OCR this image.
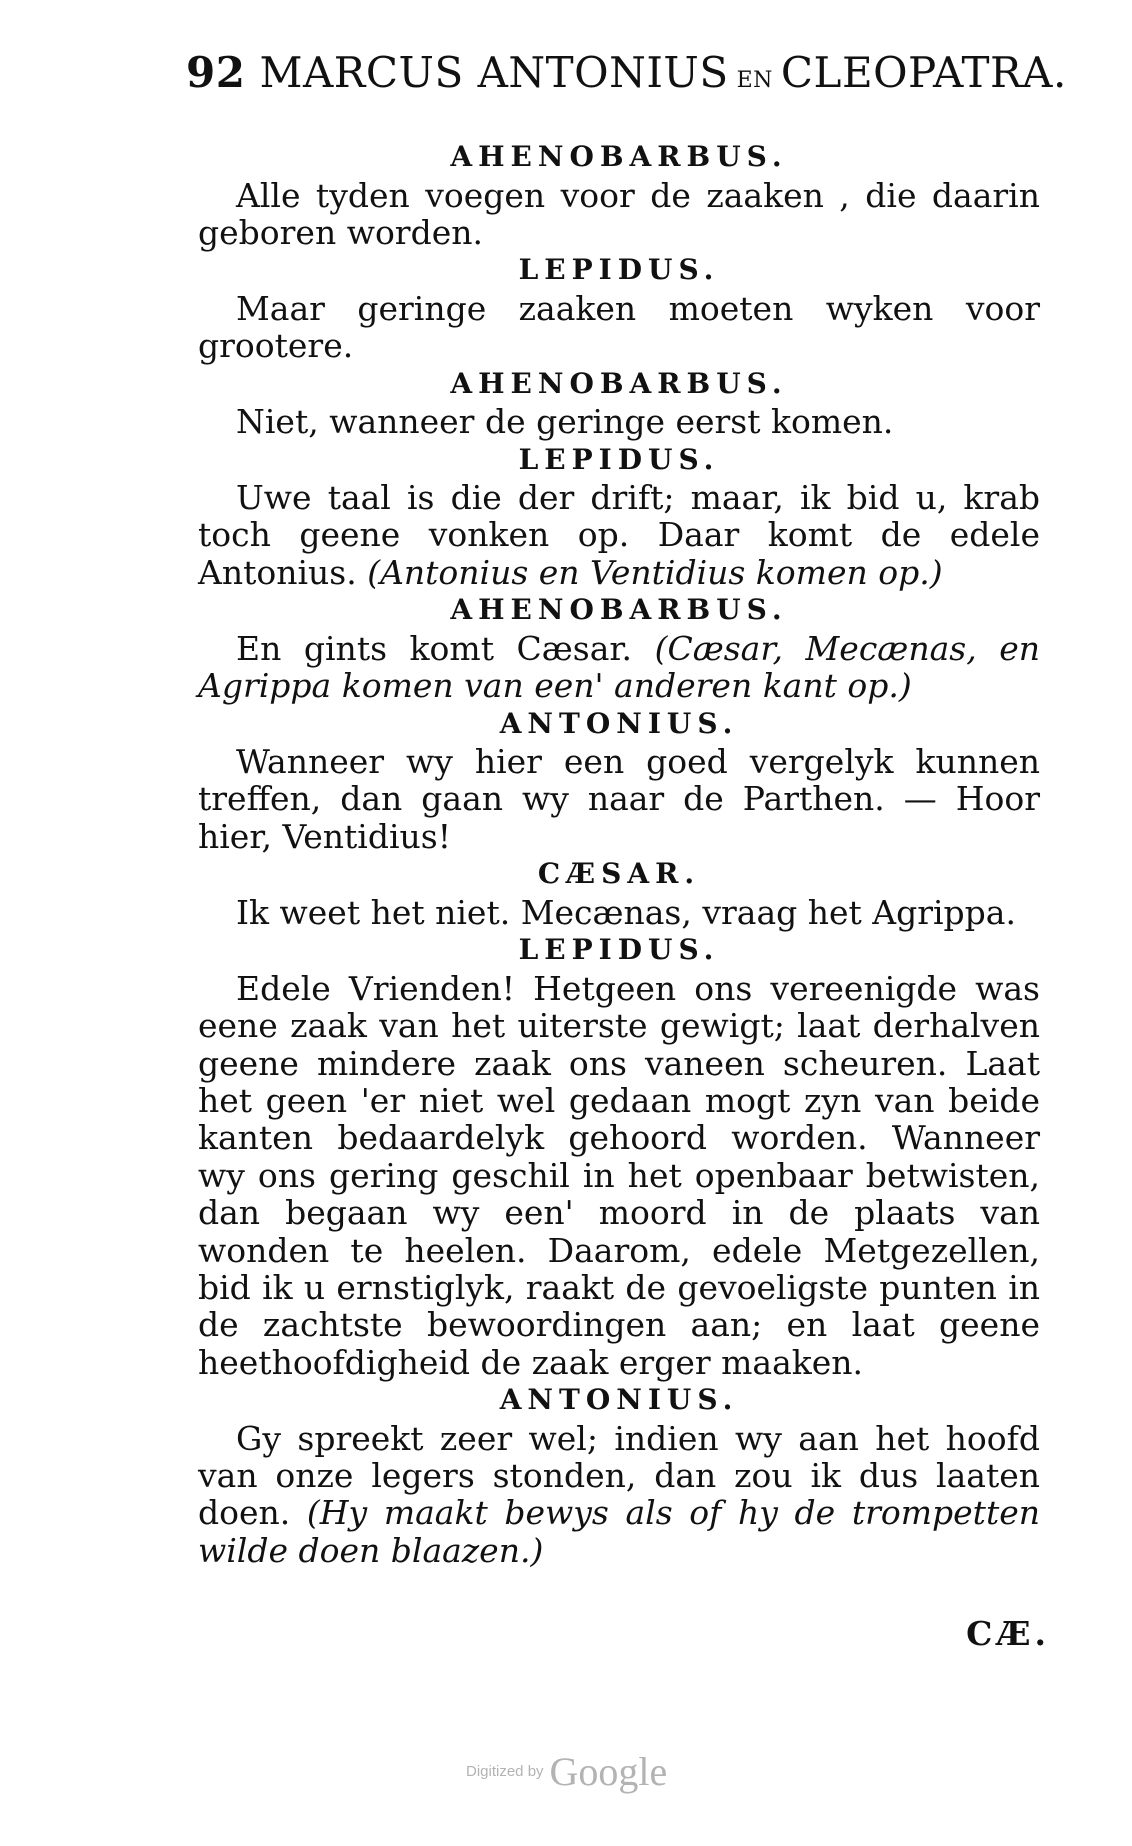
92 MARCUS ANTONIUS EN CLEOPATRA.

AHENOBARBUS.

Alle tyden voegen voor de zaaken , die daarin geboren worden.

LEPIDUS.

Maar geringe zaaken moeten wyken voor grootere.

AHENOBARBUS.

Niet, wanneer de geringe eerst komen.

LEPIDUS.

Uwe taal is die der drift; maar, ik bid u, krab toch geene vonken op. Daar komt de edele Antonius. (Antonius en Ventidius komen op.)

AHENOBARBUS.

En gints komt Cæsar. (Cæsar, Mecænas, en Agrippa komen van een' anderen kant op.)

ANTONIUS.

Wanneer wy hier een goed vergelyk kunnen treffen, dan gaan wy naar de Parthen. — Hoor hier, Ventidius!

CÆSAR.

Ik weet het niet. Mecænas, vraag het Agrippa.

LEPIDUS.

Edele Vrienden! Hetgeen ons vereenigde was eene zaak van het uiterste gewigt; laat derhalven geene mindere zaak ons vaneen scheuren. Laat het geen 'er niet wel gedaan mogt zyn van beide kanten bedaardelyk gehoord worden. Wanneer wy ons gering geschil in het openbaar betwisten, dan begaan wy een' moord in de plaats van wonden te heelen. Daarom, edele Metgezellen, bid ik u ernstiglyk, raakt de gevoeligste punten in de zachtste bewoordingen aan; en laat geene heethoofdigheid de zaak erger maaken.

ANTONIUS.

Gy spreekt zeer wel; indien wy aan het hoofd van onze legers stonden, dan zou ik dus laaten doen. (Hy maakt bewys als of hy de trompetten wilde doen blaazen.)

CÆ.
Digitized by Google
